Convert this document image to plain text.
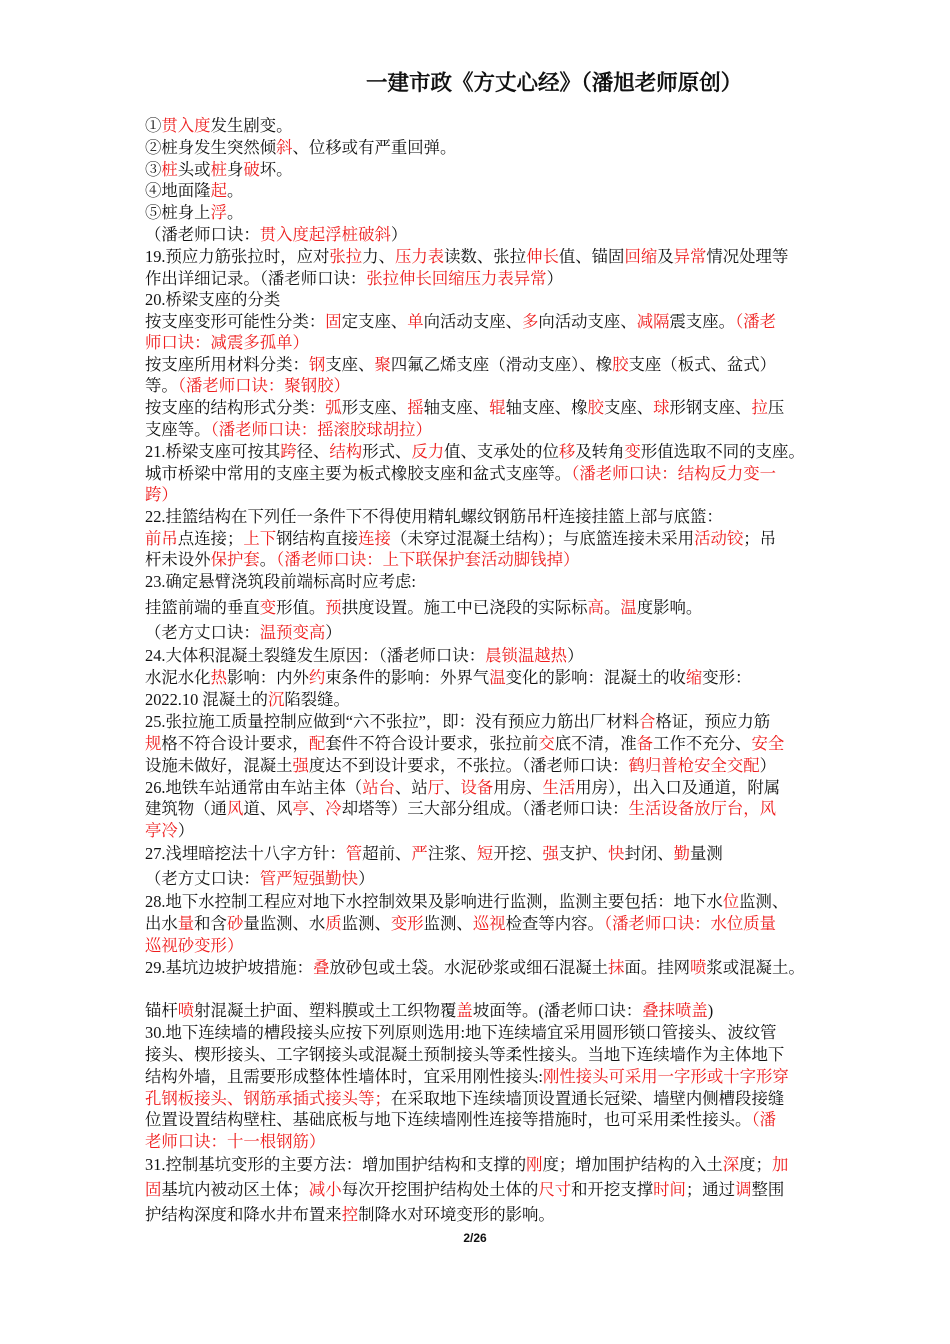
一建市政《方丈心经》（潘旭老师原创）
①贯入度发生剧变。
②桩身发生突然倾斜、位移或有严重回弹。
③桩头或桩身破坏。
④地面隆起。
⑤桩身上浮。
（潘老师口诀：贯入度起浮桩破斜）
19.预应力筋张拉时，应对张拉力、压力表读数、张拉伸长值、锚固回缩及异常情况处理等
作出详细记录。（潘老师口诀：张拉伸长回缩压力表异常）
20.桥梁支座的分类
按支座变形可能性分类：固定支座、单向活动支座、多向活动支座、减隔震支座。（潘老
师口诀：减震多孤单）
按支座所用材料分类：钢支座、聚四氟乙烯支座（滑动支座）、橡胶支座（板式、盆式）
等。（潘老师口诀：聚钢胶）
按支座的结构形式分类：弧形支座、摇轴支座、辊轴支座、橡胶支座、球形钢支座、拉压
支座等。（潘老师口诀：摇滚胶球胡拉）
21.桥梁支座可按其跨径、结构形式、反力值、支承处的位移及转角变形值选取不同的支座。
城市桥梁中常用的支座主要为板式橡胶支座和盆式支座等。（潘老师口诀：结构反力变一
跨）
22.挂篮结构在下列任一条件下不得使用精轧螺纹钢筋吊杆连接挂篮上部与底篮：
前吊点连接；上下钢结构直接连接（未穿过混凝土结构）；与底篮连接未采用活动铰；吊
杆未设外保护套。（潘老师口诀：上下联保护套活动脚钱掉）
23.确定悬臂浇筑段前端标高时应考虑:
挂篮前端的垂直变形值。预拱度设置。施工中已浇段的实际标高。温度影响。
（老方丈口诀：温预变高）
24.大体积混凝土裂缝发生原因：（潘老师口诀：晨锁温越热）
水泥水化热影响：内外约束条件的影响：外界气温变化的影响：混凝土的收缩变形：
2022.10 混凝土的沉陷裂缝。
25.张拉施工质量控制应做到“六不张拉”，即：没有预应力筋出厂材料合格证，预应力筋
规格不符合设计要求，配套件不符合设计要求，张拉前交底不清，准备工作不充分、安全
设施未做好，混凝土强度达不到设计要求，不张拉。（潘老师口诀：鹤归普枪安全交配）
26.地铁车站通常由车站主体（站台、站厅、设备用房、生活用房），出入口及通道，附属
建筑物（通风道、风亭、冷却塔等）三大部分组成。（潘老师口诀：生活设备放厅台，风
亭冷）
27.浅埋暗挖法十八字方针：管超前、严注浆、短开挖、强支护、快封闭、勤量测
（老方丈口诀：管严短强勤快）
28.地下水控制工程应对地下水控制效果及影响进行监测，监测主要包括：地下水位监测、
出水量和含砂量监测、水质监测、变形监测、巡视检查等内容。（潘老师口诀：水位质量
巡视砂变形）
29.基坑边坡护坡措施：叠放砂包或土袋。水泥砂浆或细石混凝土抹面。挂网喷浆或混凝土。
锚杆喷射混凝土护面、塑料膜或土工织物覆盖坡面等。(潘老师口诀：叠抹喷盖)
30.地下连续墙的槽段接头应按下列原则选用:地下连续墙宜采用圆形锁口管接头、波纹管
接头、楔形接头、工字钢接头或混凝土预制接头等柔性接头。当地下连续墙作为主体地下
结构外墙，且需要形成整体性墙体时，宜采用刚性接头:刚性接头可采用一字形或十字形穿
孔钢板接头、钢筋承插式接头等；在采取地下连续墙顶设置通长冠梁、墙壁内侧槽段接缝
位置设置结构壁柱、基础底板与地下连续墙刚性连接等措施时，也可采用柔性接头。（潘
老师口诀：十一根钢筋）
31.控制基坑变形的主要方法：增加围护结构和支撑的刚度；增加围护结构的入土深度；加
固基坑内被动区土体；减小每次开挖围护结构处土体的尺寸和开挖支撑时间；通过调整围
护结构深度和降水井布置来控制降水对环境变形的影响。
2/26
